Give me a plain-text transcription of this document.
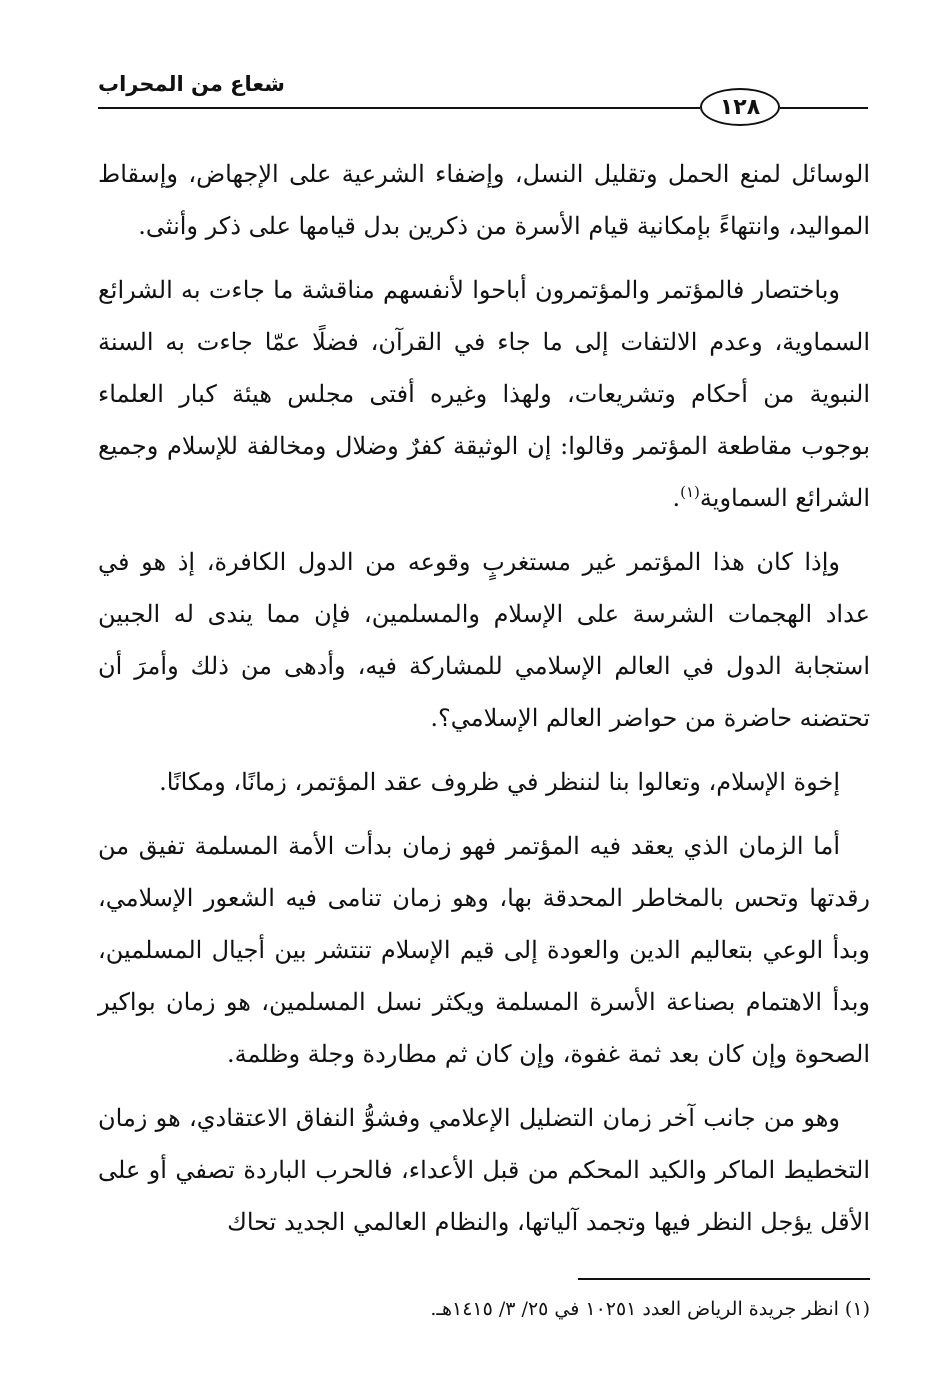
شعاع من المحراب
١٢٨

الوسائل لمنع الحمل وتقليل النسل، وإضفاء الشرعية على الإجهاض، وإسقاط المواليد، وانتهاءً بإمكانية قيام الأسرة من ذكرين بدل قيامها على ذكر وأنثى.

وباختصار فالمؤتمر والمؤتمرون أباحوا لأنفسهم مناقشة ما جاءت به الشرائع السماوية، وعدم الالتفات إلى ما جاء في القرآن، فضلًا عمّا جاءت به السنة النبوية من أحكام وتشريعات، ولهذا وغيره أفتى مجلس هيئة كبار العلماء بوجوب مقاطعة المؤتمر وقالوا: إن الوثيقة كفرٌ وضلال ومخالفة للإسلام وجميع الشرائع السماوية$^{(١)}$.

وإذا كان هذا المؤتمر غير مستغربٍ وقوعه من الدول الكافرة، إذ هو في عداد الهجمات الشرسة على الإسلام والمسلمين، فإن مما يندى له الجبين استجابة الدول في العالم الإسلامي للمشاركة فيه، وأدهى من ذلك وأمرَ أن تحتضنه حاضرة من حواضر العالم الإسلامي؟.

إخوة الإسلام، وتعالوا بنا لننظر في ظروف عقد المؤتمر، زمانًا، ومكانًا.

أما الزمان الذي يعقد فيه المؤتمر فهو زمان بدأت الأمة المسلمة تفيق من رقدتها وتحس بالمخاطر المحدقة بها، وهو زمان تنامى فيه الشعور الإسلامي، وبدأ الوعي بتعاليم الدين والعودة إلى قيم الإسلام تنتشر بين أجيال المسلمين، وبدأ الاهتمام بصناعة الأسرة المسلمة ويكثر نسل المسلمين، هو زمان بواكير الصحوة وإن كان بعد ثمة غفوة، وإن كان ثم مطاردة وجلة وظلمة.

وهو من جانب آخر زمان التضليل الإعلامي وفشوُّ النفاق الاعتقادي، هو زمان التخطيط الماكر والكيد المحكم من قبل الأعداء، فالحرب الباردة تصفي أو على الأقل يؤجل النظر فيها وتجمد آلياتها، والنظام العالمي الجديد تحاك

(١) انظر جريدة الرياض العدد ١٠٢٥١ في ٢٥/ ٣/ ١٤١٥هـ.
